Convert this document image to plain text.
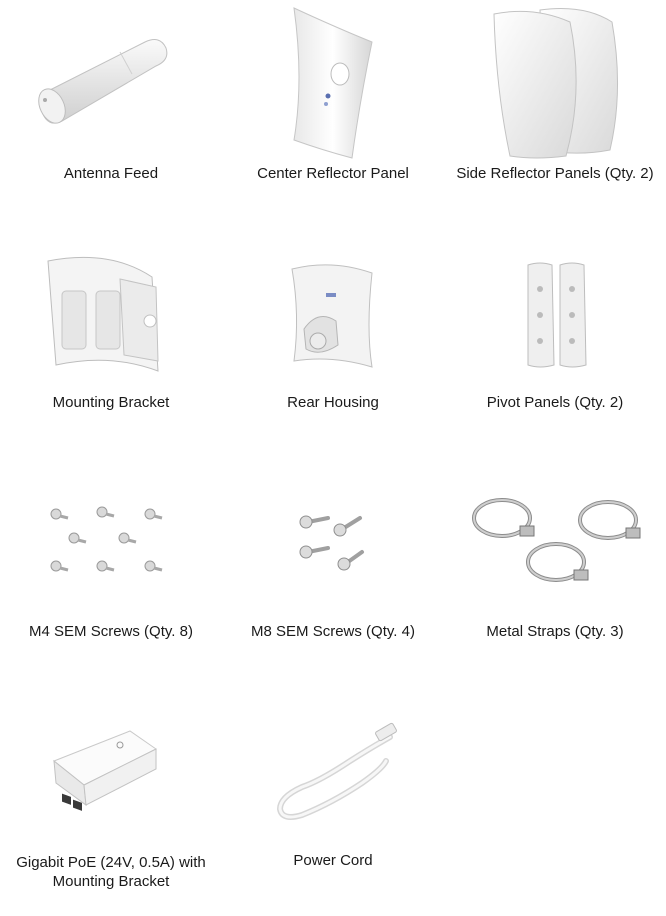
Antenna Feed	Center Reflector Panel	Side Reflector Panels (Qty. 2)
Mounting Bracket	Rear Housing	Pivot Panels (Qty. 2)
M4 SEM Screws (Qty. 8)	M8 SEM Screws (Qty. 4)	Metal Straps (Qty. 3)
Gigabit PoE (24V, 0.5A) with
Mounting Bracket
Power Cord
